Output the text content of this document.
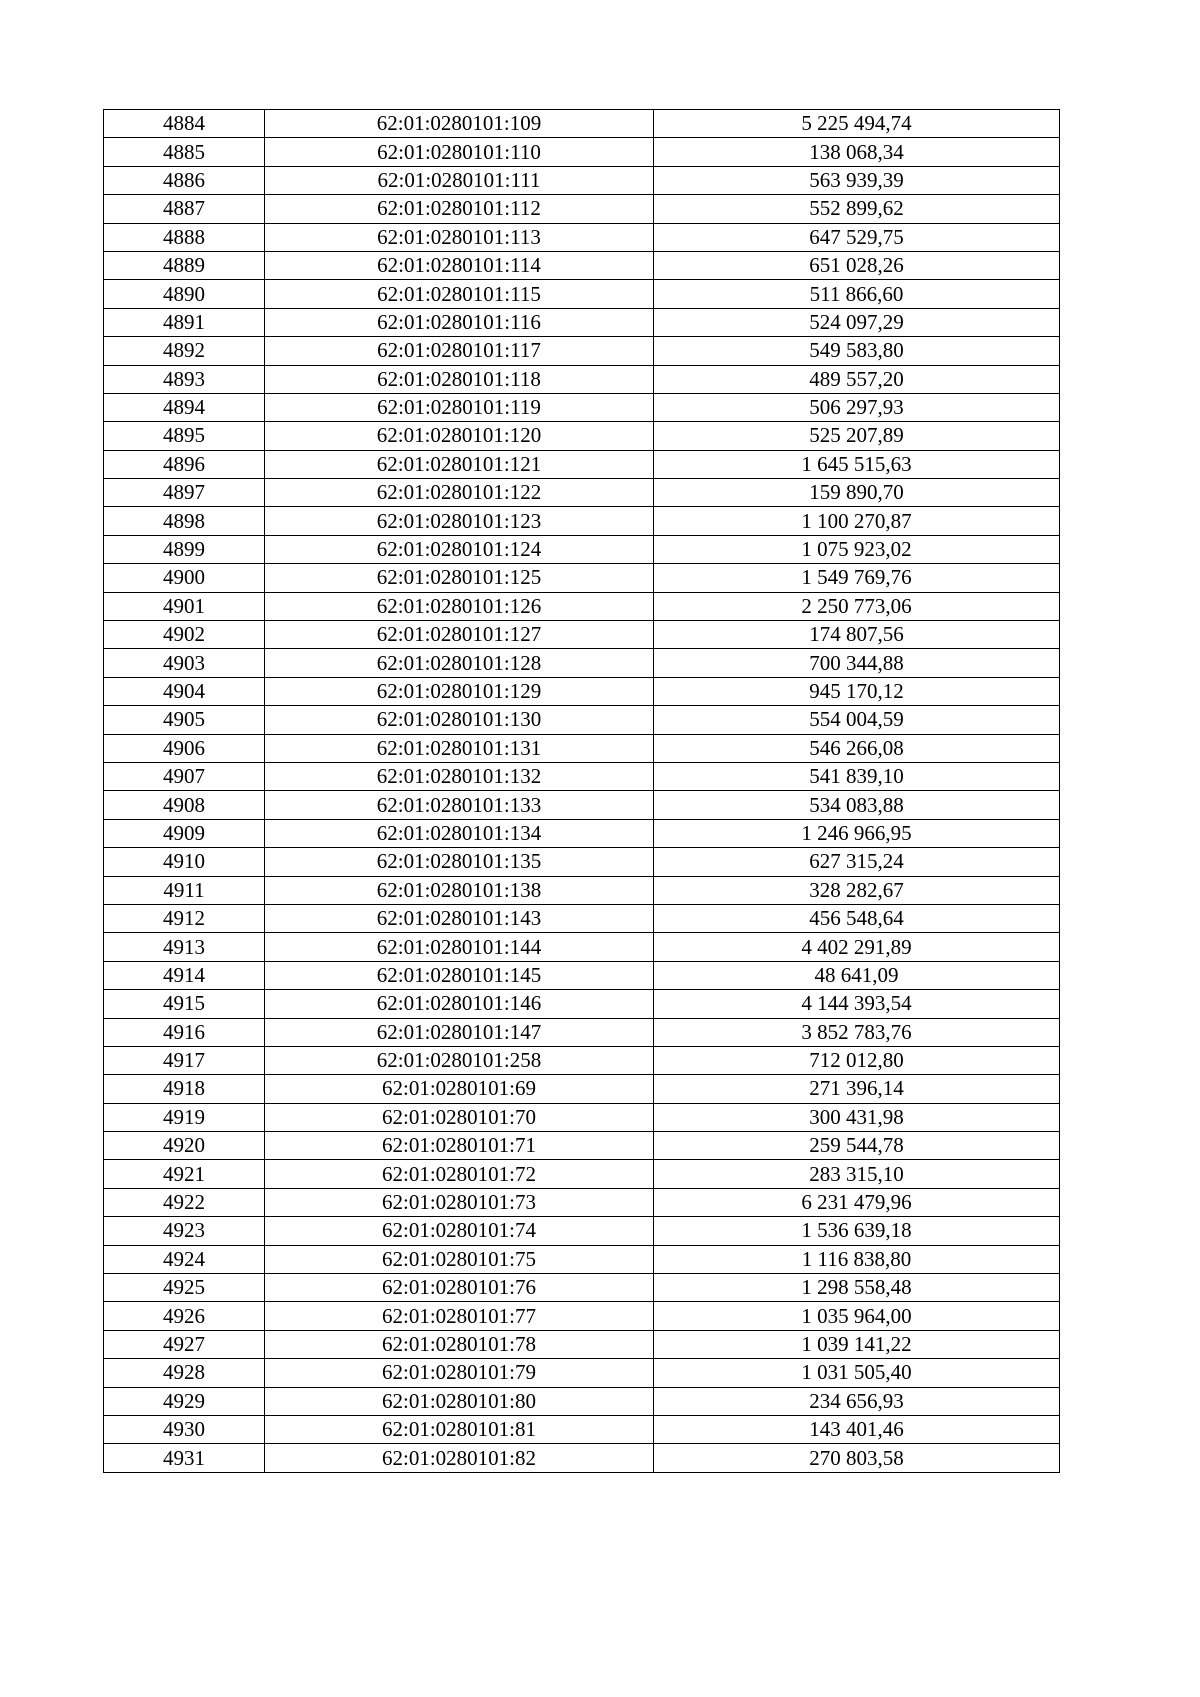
4884	62:01:0280101:109	5 225 494,74
4885	62:01:0280101:110	138 068,34
4886	62:01:0280101:111	563 939,39
4887	62:01:0280101:112	552 899,62
4888	62:01:0280101:113	647 529,75
4889	62:01:0280101:114	651 028,26
4890	62:01:0280101:115	511 866,60
4891	62:01:0280101:116	524 097,29
4892	62:01:0280101:117	549 583,80
4893	62:01:0280101:118	489 557,20
4894	62:01:0280101:119	506 297,93
4895	62:01:0280101:120	525 207,89
4896	62:01:0280101:121	1 645 515,63
4897	62:01:0280101:122	159 890,70
4898	62:01:0280101:123	1 100 270,87
4899	62:01:0280101:124	1 075 923,02
4900	62:01:0280101:125	1 549 769,76
4901	62:01:0280101:126	2 250 773,06
4902	62:01:0280101:127	174 807,56
4903	62:01:0280101:128	700 344,88
4904	62:01:0280101:129	945 170,12
4905	62:01:0280101:130	554 004,59
4906	62:01:0280101:131	546 266,08
4907	62:01:0280101:132	541 839,10
4908	62:01:0280101:133	534 083,88
4909	62:01:0280101:134	1 246 966,95
4910	62:01:0280101:135	627 315,24
4911	62:01:0280101:138	328 282,67
4912	62:01:0280101:143	456 548,64
4913	62:01:0280101:144	4 402 291,89
4914	62:01:0280101:145	48 641,09
4915	62:01:0280101:146	4 144 393,54
4916	62:01:0280101:147	3 852 783,76
4917	62:01:0280101:258	712 012,80
4918	62:01:0280101:69	271 396,14
4919	62:01:0280101:70	300 431,98
4920	62:01:0280101:71	259 544,78
4921	62:01:0280101:72	283 315,10
4922	62:01:0280101:73	6 231 479,96
4923	62:01:0280101:74	1 536 639,18
4924	62:01:0280101:75	1 116 838,80
4925	62:01:0280101:76	1 298 558,48
4926	62:01:0280101:77	1 035 964,00
4927	62:01:0280101:78	1 039 141,22
4928	62:01:0280101:79	1 031 505,40
4929	62:01:0280101:80	234 656,93
4930	62:01:0280101:81	143 401,46
4931	62:01:0280101:82	270 803,58
